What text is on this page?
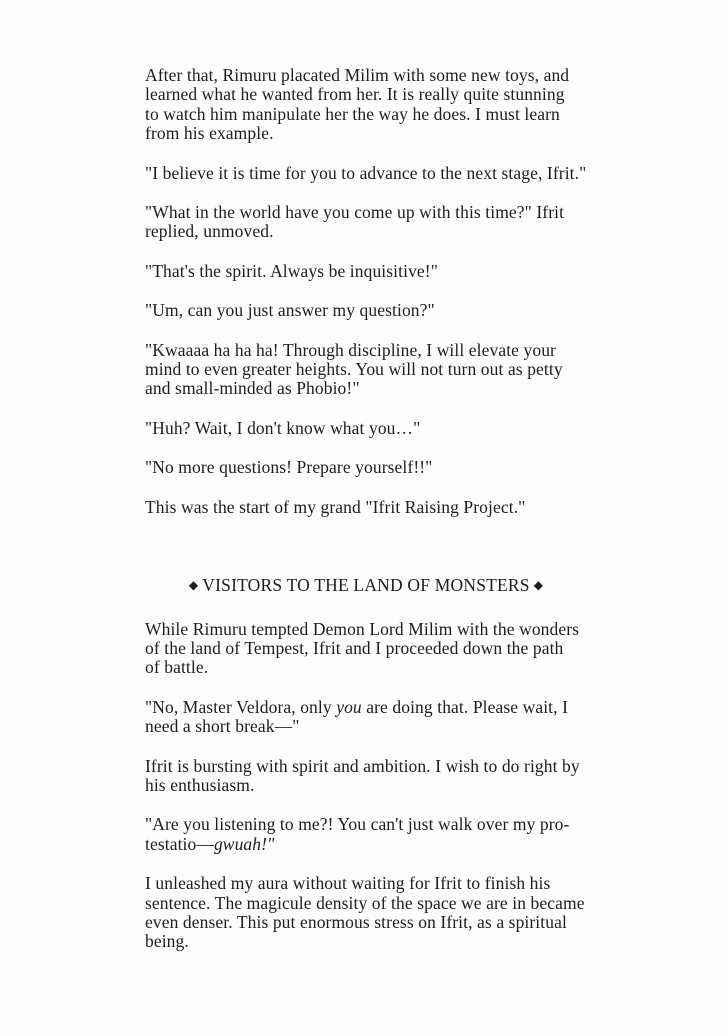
After that, Rimuru placated Milim with some new toys, and
learned what he wanted from her. It is really quite stunning
to watch him manipulate her the way he does. I must learn
from his example.

"I believe it is time for you to advance to the next stage, Ifrit."

"What in the world have you come up with this time?" Ifrit
replied, unmoved.

"That's the spirit. Always be inquisitive!"

"Um, can you just answer my question?"

"Kwaaaa ha ha ha! Through discipline, I will elevate your
mind to even greater heights. You will not turn out as petty
and small-minded as Phobio!"

"Huh? Wait, I don't know what you…"

"No more questions! Prepare yourself!!"

This was the start of my grand "Ifrit Raising Project."

◆ VISITORS TO THE LAND OF MONSTERS ◆

While Rimuru tempted Demon Lord Milim with the wonders
of the land of Tempest, Ifrit and I proceeded down the path
of battle.

"No, Master Veldora, only you are doing that. Please wait, I
need a short break—"

Ifrit is bursting with spirit and ambition. I wish to do right by
his enthusiasm.

"Are you listening to me?! You can't just walk over my pro-
testatio—gwuah!"

I unleashed my aura without waiting for Ifrit to finish his
sentence. The magicule density of the space we are in became
even denser. This put enormous stress on Ifrit, as a spiritual
being.
